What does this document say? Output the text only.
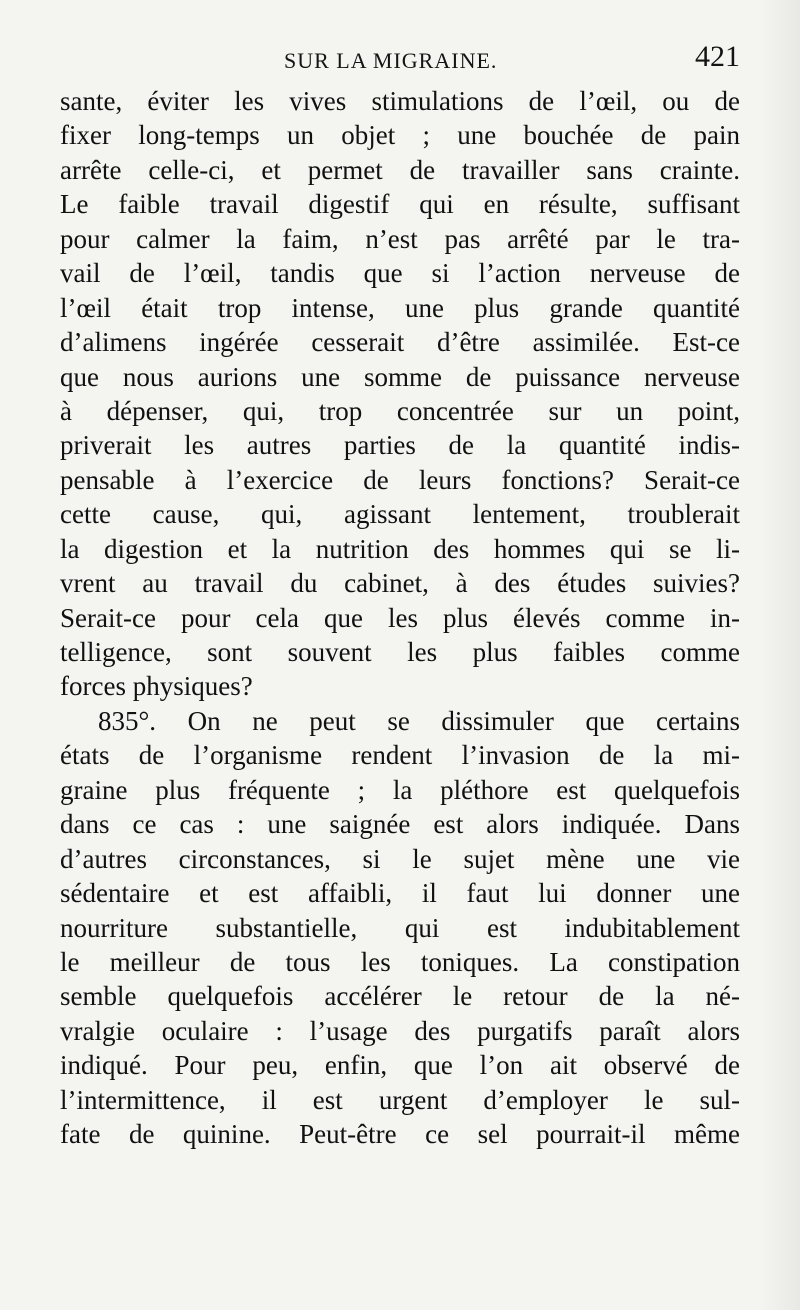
SUR LA MIGRAINE.	421
sante, éviter les vives stimulations de l’œil, ou de
fixer long-temps un objet ; une bouchée de pain
arrête celle-ci, et permet de travailler sans crainte.
Le faible travail digestif qui en résulte, suffisant
pour calmer la faim, n’est pas arrêté par le tra-
vail de l’œil, tandis que si l’action nerveuse de
l’œil était trop intense, une plus grande quantité
d’alimens ingérée cesserait d’être assimilée. Est-ce
que nous aurions une somme de puissance nerveuse
à dépenser, qui, trop concentrée sur un point,
priverait les autres parties de la quantité indis-
pensable à l’exercice de leurs fonctions? Serait-ce
cette cause, qui, agissant lentement, troublerait
la digestion et la nutrition des hommes qui se li-
vrent au travail du cabinet, à des études suivies?
Serait-ce pour cela que les plus élevés comme in-
telligence, sont souvent les plus faibles comme
forces physiques?
835°. On ne peut se dissimuler que certains
états de l’organisme rendent l’invasion de la mi-
graine plus fréquente ; la pléthore est quelquefois
dans ce cas : une saignée est alors indiquée. Dans
d’autres circonstances, si le sujet mène une vie
sédentaire et est affaibli, il faut lui donner une
nourriture substantielle, qui est indubitablement
le meilleur de tous les toniques. La constipation
semble quelquefois accélérer le retour de la né-
vralgie oculaire : l’usage des purgatifs paraît alors
indiqué. Pour peu, enfin, que l’on ait observé de
l’intermittence, il est urgent d’employer le sul-
fate de quinine. Peut-être ce sel pourrait-il même
